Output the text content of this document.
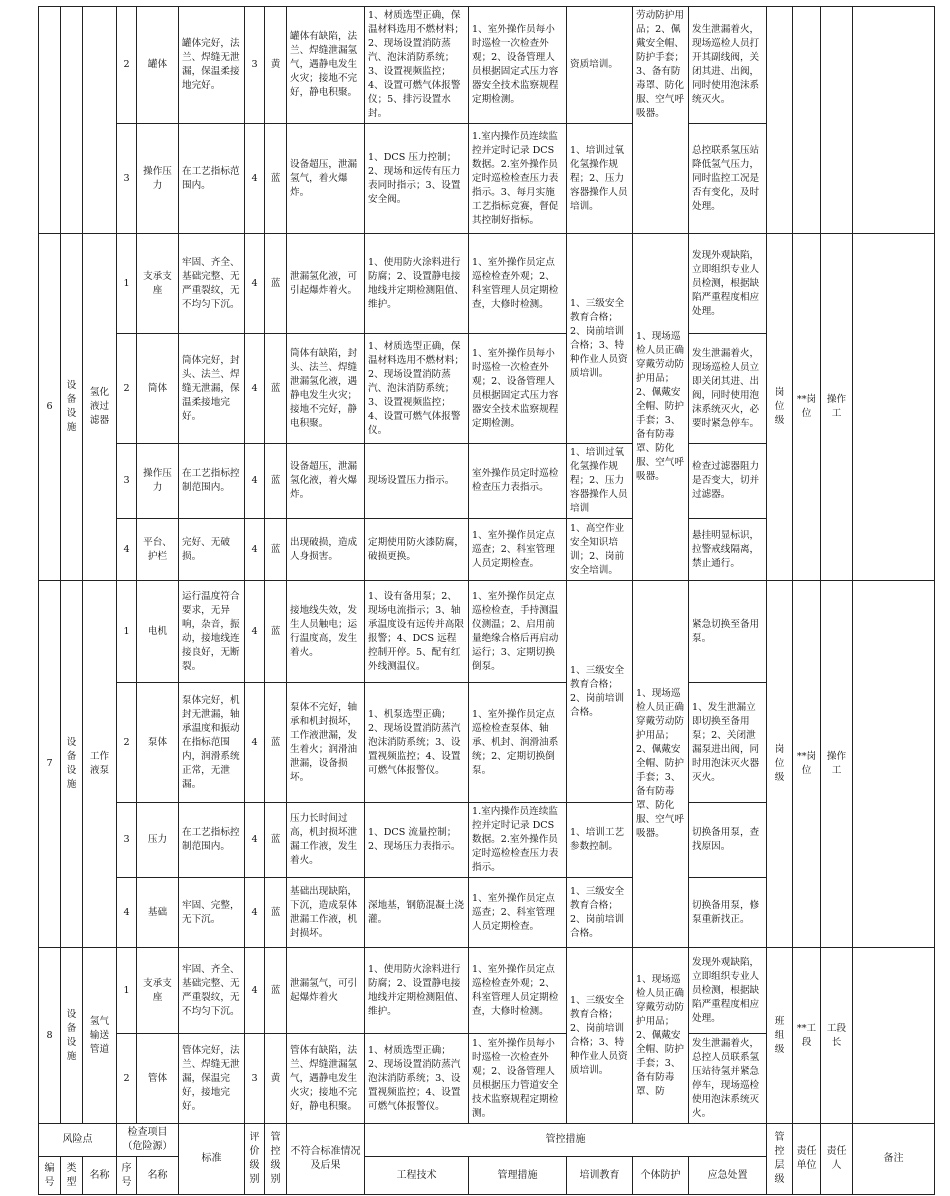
			2	罐体	罐体完好，法兰、焊缝无泄漏，保温柔接地完好。	3	黄	罐体有缺陷，法兰、焊缝泄漏氢气，遇静电发生火灾；接地不完好，静电积聚。	1、材质选型正确，保温材料选用不燃材料；2、现场设置消防蒸汽、泡沫消防系统；3、设置视频监控；4、设置可燃气体报警仪；5、排污设置水封。	1、室外操作员每小时巡检一次检查外观；2、设备管理人员根据固定式压力容器安全技术监察规程定期检测。	资质培训。	劳动防护用品；2、佩戴安全帽、防护手套；3、备有防毒罩、防化服、空气呼吸器。	发生泄漏着火，现场巡检人员打开其副线阀，关闭其进、出阀，同时使用泡沫系统灭火。				
			3	操作压力	在工艺指标范围内。	4	蓝	设备超压，泄漏氢气，着火爆炸。	1、DCS 压力控制；2、现场和远传有压力表同时指示；3、设置安全阀。	1.室内操作员连续监控并定时记录 DCS 数据。2.室外操作员定时巡检检查压力表指示。3、每月实施工艺指标竞赛，督促其控制好指标。	1、培训过氧化氢操作规程；2、压力容器操作人员培训。		总控联系氢压站降低氢气压力，同时监控工况是否有变化，及时处理。				
6	设备设施	氢化液过滤器	1	支承支座	牢固、齐全、基础完整、无严重裂纹，无不均匀下沉。	4	蓝	泄漏氢化液，可引起爆炸着火。	1、使用防火涂料进行防腐；2、设置静电接地线并定期检测阻值、维护。	1、室外操作员定点巡检检查外观；2、科室管理人员定期检查，大修时检测。	1、三级安全教育合格；2、岗前培训合格；3、特种作业人员资质培训。	1、现场巡检人员正确穿戴劳动防护用品；2、佩戴安全帽、防护手套；3、备有防毒罩、防化服、空气呼吸器。	发现外观缺陷，立即组织专业人员检测，根据缺陷严重程度相应处理。	岗位级	**岗位	操作工	
			2	筒体	筒体完好，封头、法兰、焊缝无泄漏，保温柔接地完好。	4	蓝	筒体有缺陷，封头、法兰、焊缝泄漏氢化液，遇静电发生火灾；接地不完好，静电积聚。	1、材质选型正确，保温材料选用不燃材料；2、现场设置消防蒸汽、泡沫消防系统；3、设置视频监控；4、设置可燃气体报警仪。	1、室外操作员每小时巡检一次检查外观；2、设备管理人员根据固定式压力容器安全技术监察规程定期检测。			发生泄漏着火，现场巡检人员立即关闭其进、出阀，同时使用泡沫系统灭火，必要时紧急停车。				
			3	操作压力	在工艺指标控制范围内。	4	蓝	设备超压，泄漏氢化液，着火爆炸。	现场设置压力指示。	室外操作员定时巡检检查压力表指示。	1、培训过氧化氢操作规程；2、压力容器操作人员培训		检查过滤器阻力是否变大，切并过滤器。				
			4	平台、护栏	完好、无破损。	4	蓝	出现破损，造成人身损害。	定期使用防火漆防腐，破损更换。	1、室外操作员定点巡查；2、科室管理人员定期检查。	1、高空作业安全知识培训；2、岗前安全培训。		悬挂明显标识，拉警戒线隔离，禁止通行。				
7	设备设施	工作液泵	1	电机	运行温度符合要求，无异响，杂音，振动，接地线连接良好，无断裂。	4	蓝	接地线失效，发生人员触电；运行温度高，发生着火。	1、设有备用泵；2、现场电流指示；3、轴承温度设有远传并高限报警；4、DCS 远程控制开停。5、配有红外线测温仪。	1、室外操作员定点巡检检查，手持测温仪测温；2、启用前量绝缘合格后再启动运行；3、定期切换倒泵。	1、三级安全教育合格；2、岗前培训合格。	1、现场巡检人员正确穿戴劳动防护用品；2、佩戴安全帽、防护手套；3、备有防毒罩、防化服、空气呼吸器。	紧急切换至备用泵。	岗位级	**岗位	操作工	
			2	泵体	泵体完好，机封无泄漏，轴承温度和振动在指标范围内，润滑系统正常，无泄漏。	4	蓝	泵体不完好，轴承和机封损坏，工作液泄漏，发生着火；润滑油泄漏，设备损坏。	1、机泵选型正确；2、现场设置消防蒸汽泡沫消防系统；3、设置视频监控；4、设置可燃气体报警仪。	1、室外操作员定点巡检检查泵体、轴承、机封、润滑油系统；2、定期切换倒泵。			1、发生泄漏立即切换至备用泵；2、关闭泄漏泵进出阀，同时用泡沫灭火器灭火。				
			3	压力	在工艺指标控制范围内。	4	蓝	压力长时间过高，机封损坏泄漏工作液，发生着火。	1、DCS 流量控制；2、现场压力表指示。	1.室内操作员连续监控并定时记录 DCS 数据。2.室外操作员定时巡检检查压力表指示。	1、培训工艺参数控制。		切换备用泵，查找原因。				
			4	基础	牢固、完整，无下沉。	4	蓝	基础出现缺陷，下沉，造成泵体泄漏工作液，机封损坏。	深地基，钢筋混凝土浇灌。	1、室外操作员定点巡查；2、科室管理人员定期检查。	1、三级安全教育合格；2、岗前培训合格。		切换备用泵，修泵重新找正。				
8	设备设施	氢气输送管道	1	支承支座	牢固、齐全、基础完整、无严重裂纹，无不均匀下沉。	4	蓝	泄漏氢气，可引起爆炸着火	1、使用防火涂料进行防腐；2、设置静电接地线并定期检测阻值、维护。	1、室外操作员定点巡检检查外观；2、科室管理人员定期检查，大修时检测。	1、三级安全教育合格；2、岗前培训合格；3、特种作业人员资质培训。	1、现场巡检人员正确穿戴劳动防护用品；2、佩戴安全帽、防护手套；3、备有防毒罩、防	发现外观缺陷，立即组织专业人员检测，根据缺陷严重程度相应处理。	班组级	**工段	工段长	
			2	管体	管体完好，法兰、焊缝无泄漏，保温完好，接地完好。	3	黄	管体有缺陷，法兰、焊缝泄漏氢气，遇静电发生火灾；接地不完好，静电积聚。	1、材质选型正确；2、现场设置消防蒸汽泡沫消防系统；3、设置视频监控；4、设置可燃气体报警仪。	1、室外操作员每小时巡检一次检查外观；2、设备管理人员根据压力管道安全技术监察规程定期检测。			发生泄漏着火，总控人员联系氢压站待氢并紧急停车，现场巡检使用泡沫系统灭火。				
风险点			检查项目（危险源）		标准	评价级别	管控级别	不符合标准情况及后果	管控措施					管控层级	责任单位	责任人	备注
编号	类型	名称	序号	名称					工程技术	管理措施	培训教育	个体防护	应急处置				
